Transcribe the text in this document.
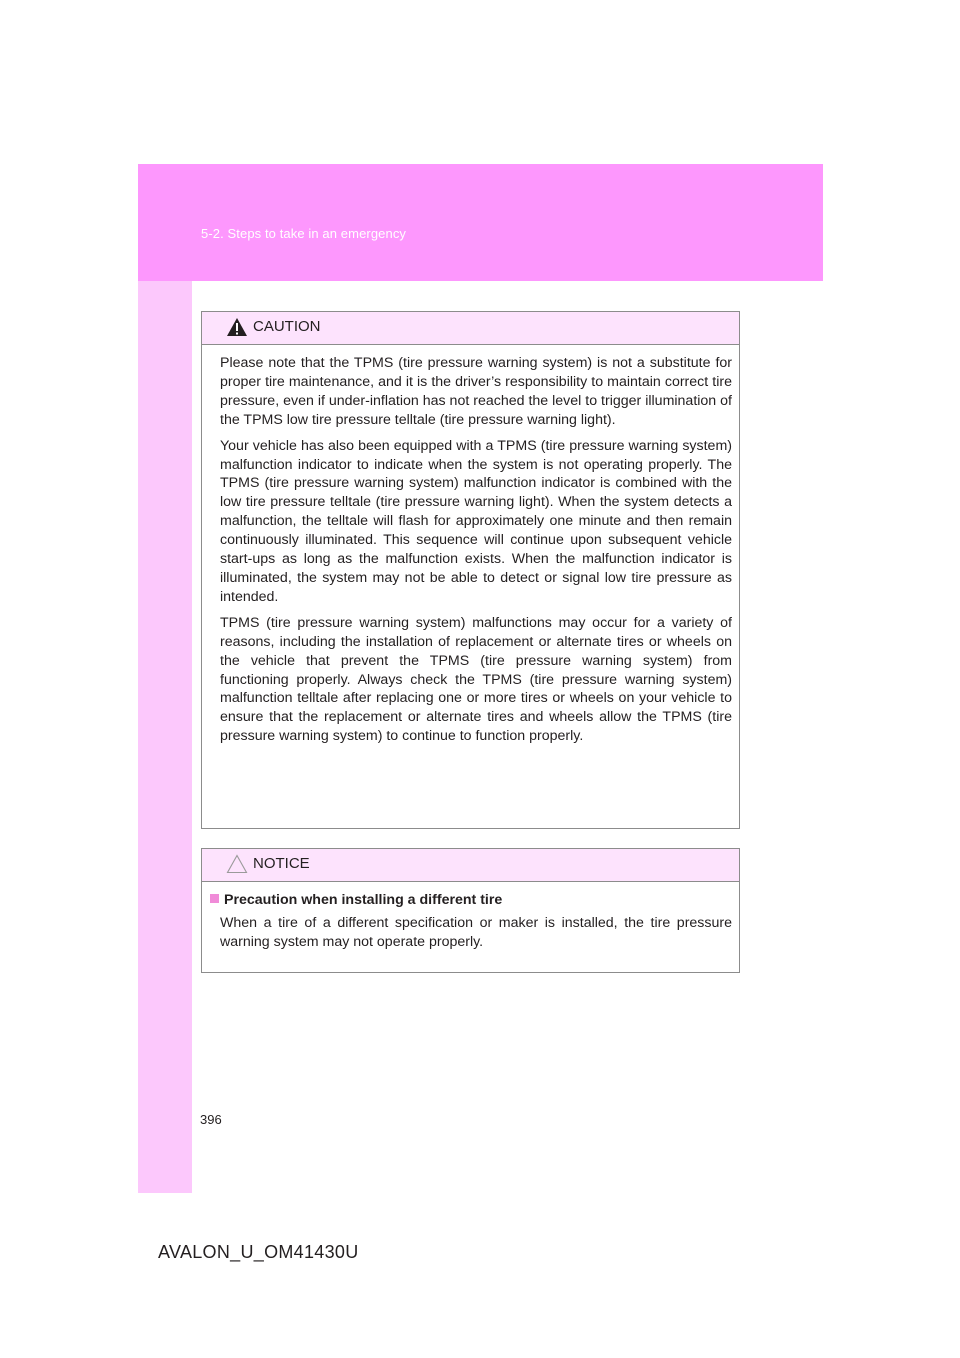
5-2. Steps to take in an emergency
CAUTION

Please note that the TPMS (tire pressure warning system) is not a substitute for proper tire maintenance, and it is the driver’s responsibility to maintain correct tire pressure, even if under-inflation has not reached the level to trigger illumination of the TPMS low tire pressure telltale (tire pressure warning light).

Your vehicle has also been equipped with a TPMS (tire pressure warning system) malfunction indicator to indicate when the system is not operating properly. The TPMS (tire pressure warning system) malfunction indicator is combined with the low tire pressure telltale (tire pressure warning light). When the system detects a malfunction, the telltale will flash for approximately one minute and then remain continuously illuminated. This sequence will continue upon subsequent vehicle start-ups as long as the malfunction exists. When the malfunction indicator is illuminated, the system may not be able to detect or signal low tire pressure as intended.

TPMS (tire pressure warning system) malfunctions may occur for a variety of reasons, including the installation of replacement or alternate tires or wheels on the vehicle that prevent the TPMS (tire pressure warning system) from functioning properly. Always check the TPMS (tire pressure warning system) malfunction telltale after replacing one or more tires or wheels on your vehicle to ensure that the replacement or alternate tires and wheels allow the TPMS (tire pressure warning system) to continue to function properly.

NOTICE
Precaution when installing a different tire

When a tire of a different specification or maker is installed, the tire pressure warning system may not operate properly.

396
AVALON_U_OM41430U
